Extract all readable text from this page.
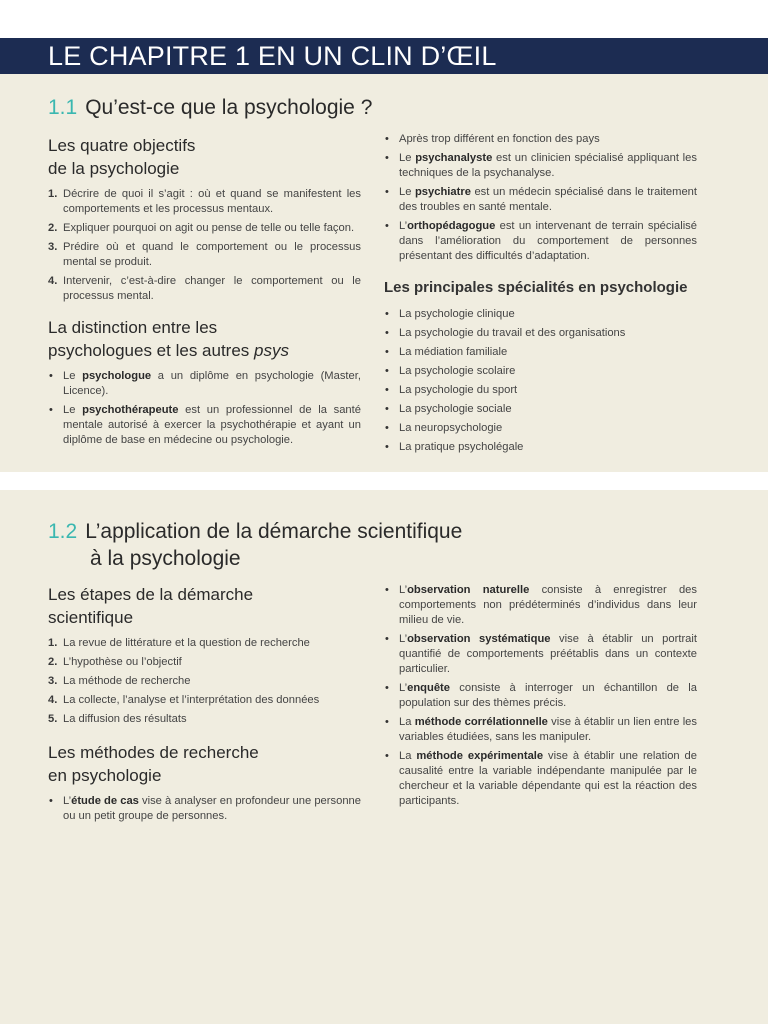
LE CHAPITRE 1 EN UN CLIN D’ŒIL
1.1 Qu’est-ce que la psychologie ?
Les quatre objectifs
de la psychologie
1. Décrire de quoi il s’agit : où et quand se manifestent les comportements et les processus mentaux.
2. Expliquer pourquoi on agit ou pense de telle ou telle façon.
3. Prédire où et quand le comportement ou le processus mental se produit.
4. Intervenir, c’est-à-dire changer le comportement ou le processus mental.
La distinction entre les
psychologues et les autres psys
• Le psychologue a un diplôme en psychologie (Master, Licence).
• Le psychothérapeute est un professionnel de la santé mentale autorisé à exercer la psychothérapie et ayant un diplôme de base en médecine ou psychologie.
• Après trop différent en fonction des pays
• Le psychanalyste est un clinicien spécialisé appliquant les techniques de la psychanalyse.
• Le psychiatre est un médecin spécialisé dans le traitement des troubles en santé mentale.
• L’orthopédagogue est un intervenant de terrain spécialisé dans l’amélioration du comportement de personnes présentant des difficultés d’adaptation.
Les principales spécialités en psychologie
• La psychologie clinique
• La psychologie du travail et des organisations
• La médiation familiale
• La psychologie scolaire
• La psychologie du sport
• La psychologie sociale
• La neuropsychologie
• La pratique psycholégale
1.2 L’application de la démarche scientifique
à la psychologie
Les étapes de la démarche
scientifique
1. La revue de littérature et la question de recherche
2. L’hypothèse ou l’objectif
3. La méthode de recherche
4. La collecte, l’analyse et l’interprétation des données
5. La diffusion des résultats
Les méthodes de recherche
en psychologie
• L’étude de cas vise à analyser en profondeur une personne ou un petit groupe de personnes.
• L’observation naturelle consiste à enregistrer des comportements non prédéterminés d’individus dans leur milieu de vie.
• L’observation systématique vise à établir un portrait quantifié de comportements préétablis dans un contexte particulier.
• L’enquête consiste à interroger un échantillon de la population sur des thèmes précis.
• La méthode corrélationnelle vise à établir un lien entre les variables étudiées, sans les manipuler.
• La méthode expérimentale vise à établir une relation de causalité entre la variable indépendante manipulée par le chercheur et la variable dépendante qui est la réaction des participants.
